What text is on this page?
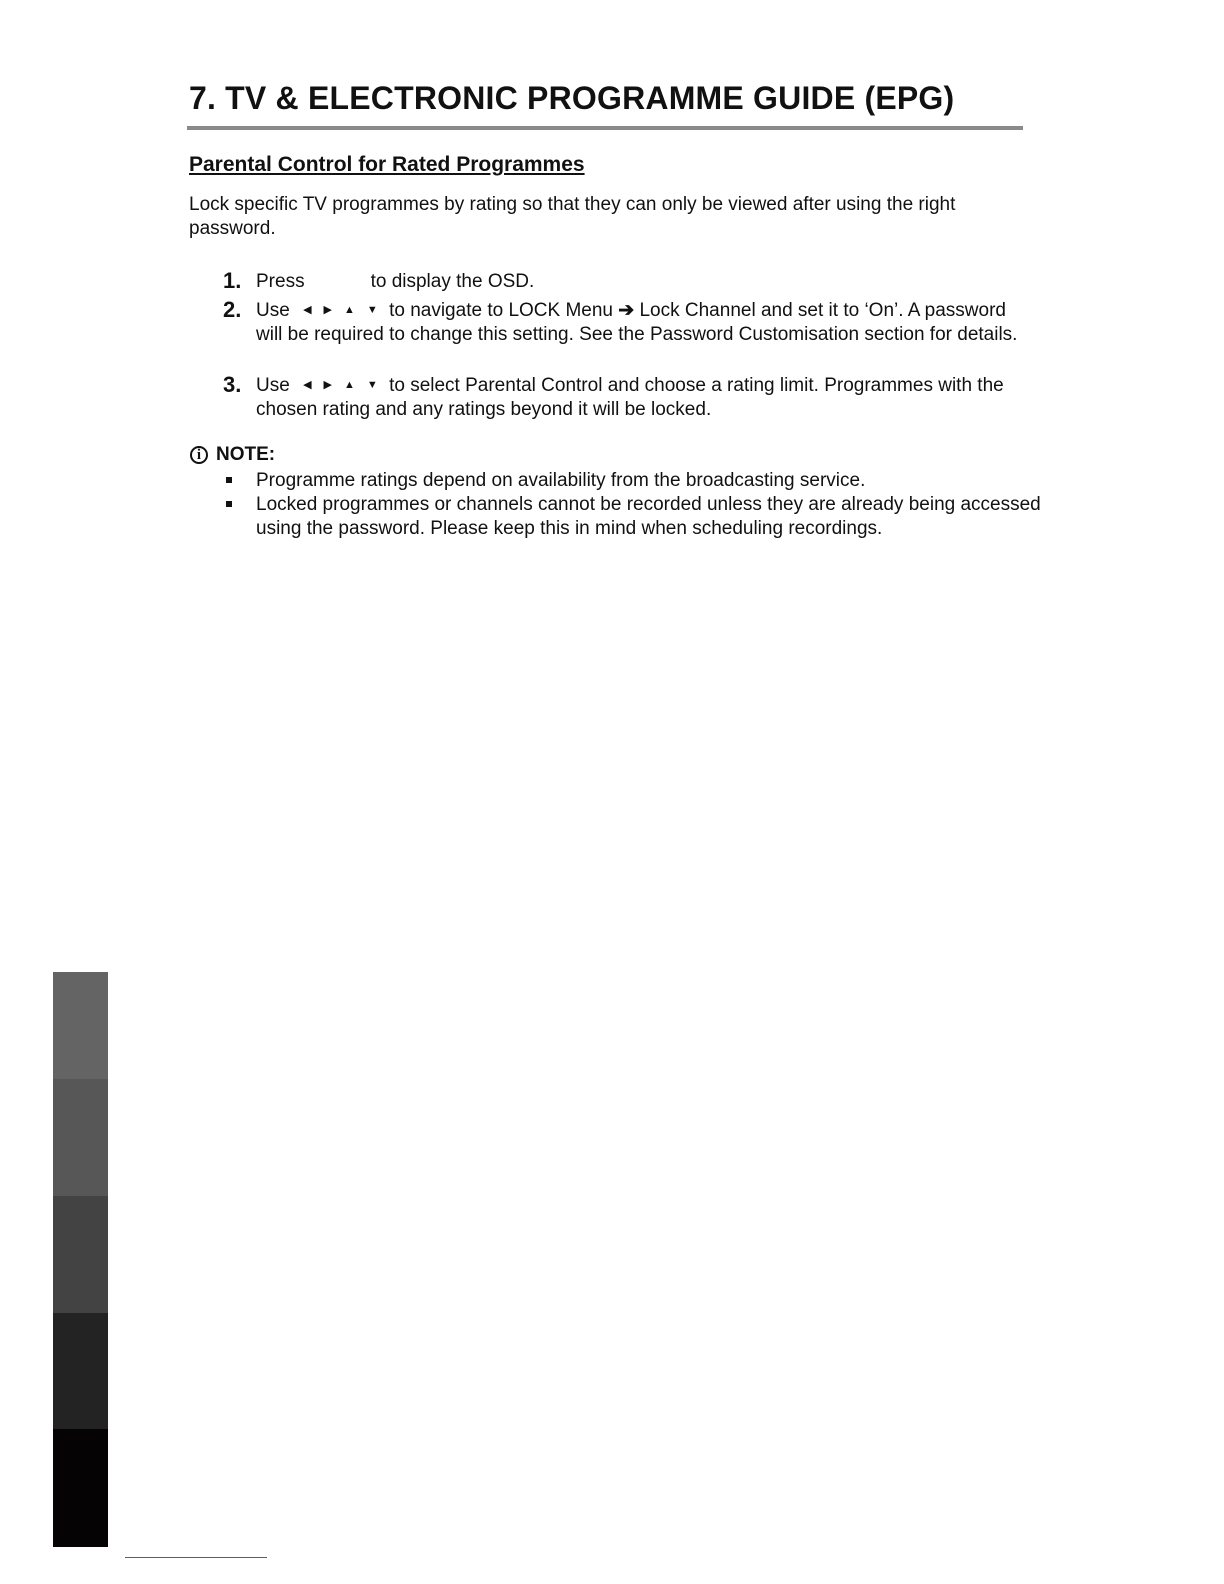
7. TV & ELECTRONIC PROGRAMME GUIDE (EPG)
Parental Control for Rated Programmes

Lock specific TV programmes by rating so that they can only be viewed after using the right password.

1. Press	to display the OSD.

2. Use ◀ ▶ ▲ ▼ to navigate to LOCK Menu ➔ Lock Channel and set it to ‘On’. A password will be required to change this setting. See the Password Customisation section for details.

3. Use ◀ ▶ ▲ ▼ to select Parental Control and choose a rating limit. Programmes with the chosen rating and any ratings beyond it will be locked.

i NOTE:

Programme ratings depend on availability from the broadcasting service.

Locked programmes or channels cannot be recorded unless they are already being accessed using the password. Please keep this in mind when scheduling recordings.
